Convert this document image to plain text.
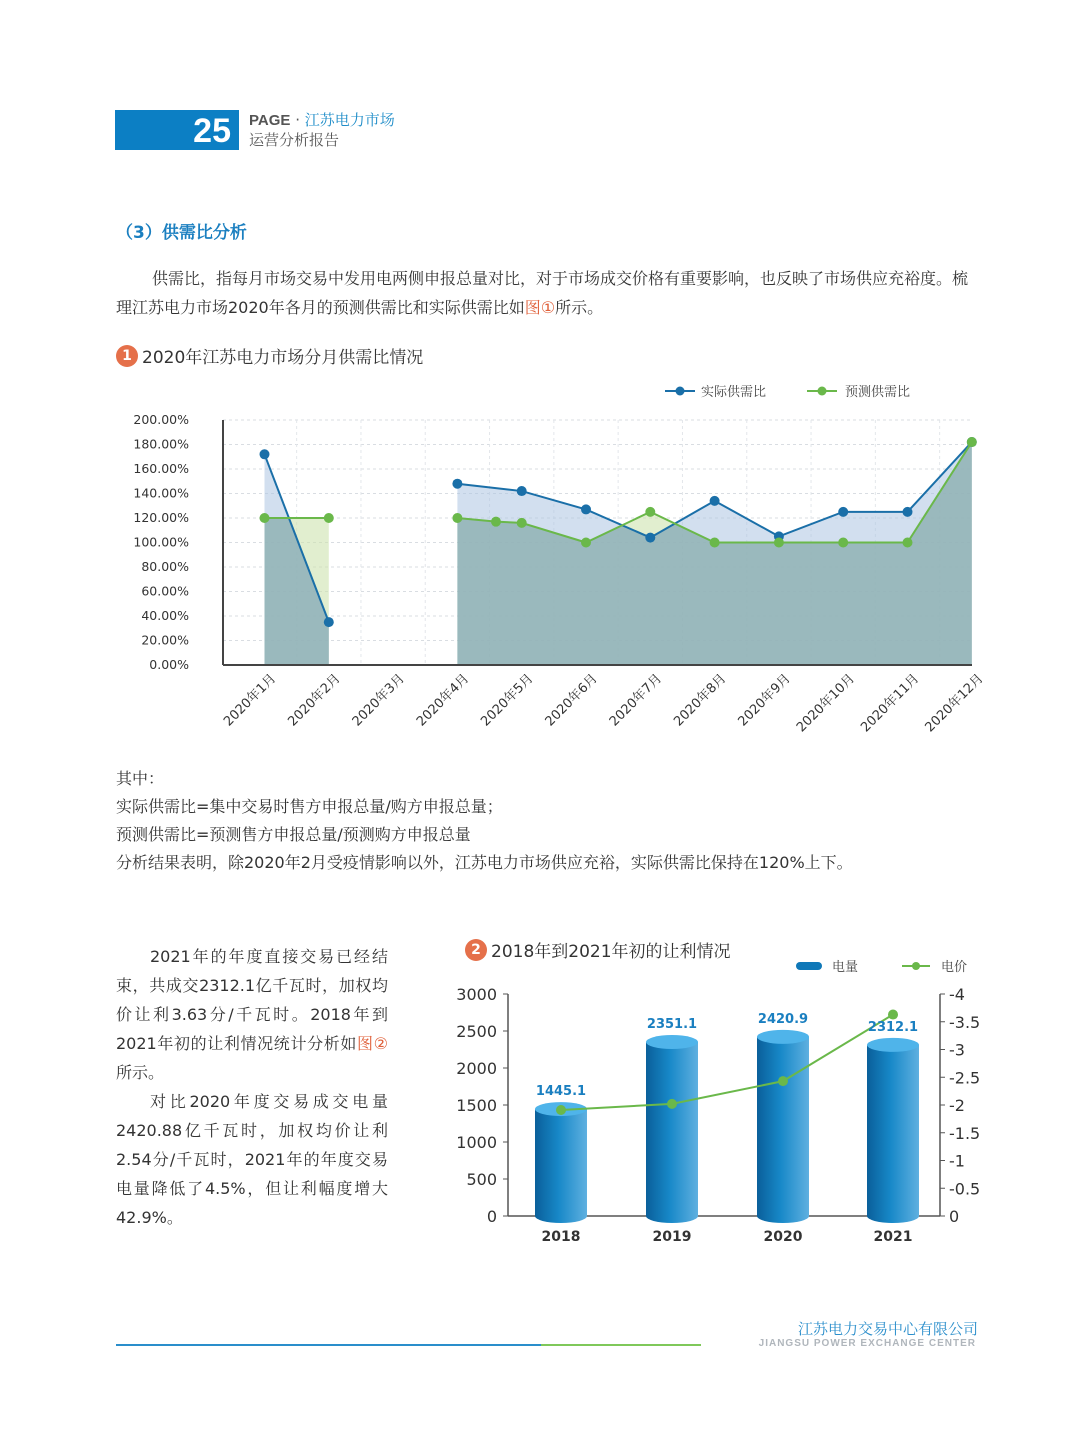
25	PAGE · 江苏电力市场
运营分析报告
（3）供需比分析

供需比，指每月市场交易中发用电两侧申报总量对比，对于市场成交价格有重要影响，也反映了市场供应充裕度。梳理江苏电力市场2020年各月的预测供需比和实际供需比如图①所示。

1 2020年江苏电力市场分月供需比情况
实际供需比	预测供需比
0.00%
20.00%
40.00%
60.00%
80.00%
100.00%
120.00%
140.00%
160.00%
180.00%
200.00%
2020年1月 2020年2月 2020年3月 2020年4月 2020年5月 2020年6月 2020年7月 2020年8月 2020年9月 2020年10月 2020年11月 2020年12月
其中：
实际供需比=集中交易时售方申报总量/购方申报总量；
预测供需比=预测售方申报总量/预测购方申报总量
分析结果表明，除2020年2月受疫情影响以外，江苏电力市场供应充裕，实际供需比保持在120%上下。

2021年的年度直接交易已经结束，共成交2312.1亿千瓦时，加权均价让利3.63分/千瓦时。2018年到2021年初的让利情况统计分析如图②所示。

对比2020年度交易成交电量2420.88亿千瓦时，加权均价让利2.54分/千瓦时，2021年的年度交易电量降低了4.5%，但让利幅度增大42.9%。

2 2018年到2021年初的让利情况
电量	电价
0
500
1000
1500
2000
2500
3000
0
-0.5
-1
-1.5
-2
-2.5
-3
-3.5
-4
2018	2019	2020	2021
1445.1
2351.1	2420.9
2312.1
江苏电力交易中心有限公司
JIANGSU POWER EXCHANGE CENTER
